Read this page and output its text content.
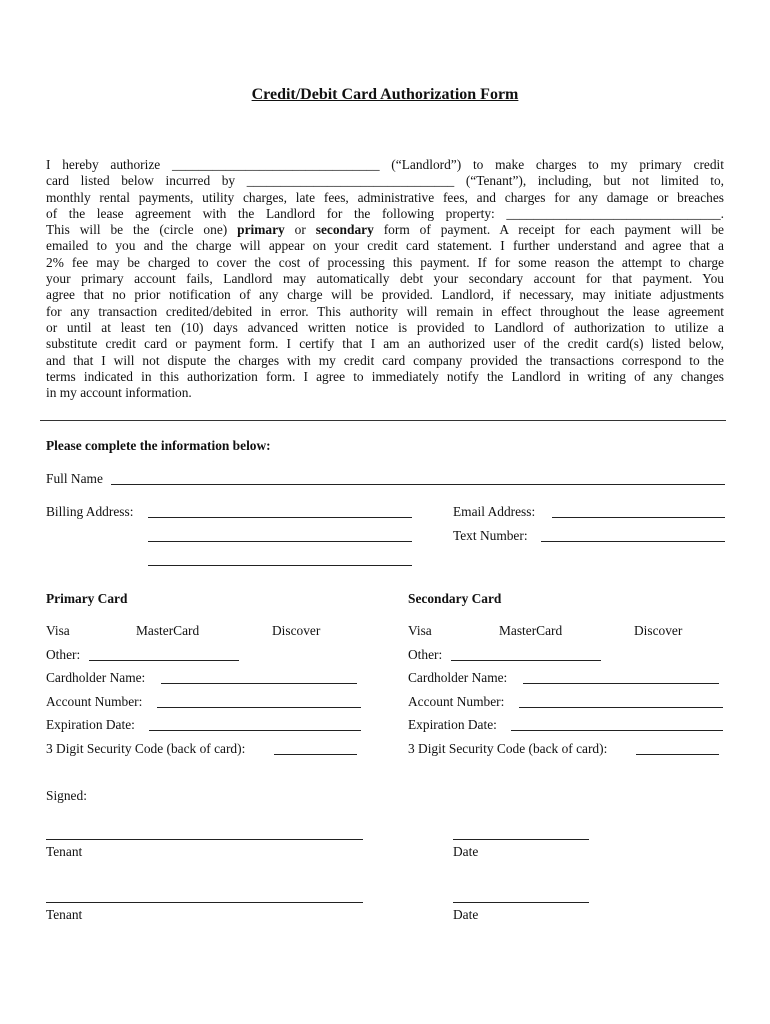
Credit/Debit Card Authorization Form

I hereby authorize _______________________________ (“Landlord”) to make charges to my primary credit

card listed below incurred by _______________________________ (“Tenant”), including, but not limited to,

monthly rental payments, utility charges, late fees, administrative fees, and charges for any damage or breaches

of the lease agreement with the Landlord for the following property: ________________________________.

This will be the (circle one) primary or secondary form of payment. A receipt for each payment will be

emailed to you and the charge will appear on your credit card statement. I further understand and agree that a

2% fee may be charged to cover the cost of processing this payment. If for some reason the attempt to charge

your primary account fails, Landlord may automatically debt your secondary account for that payment. You

agree that no prior notification of any charge will be provided. Landlord, if necessary, may initiate adjustments

for any transaction credited/debited in error. This authority will remain in effect throughout the lease agreement

or until at least ten (10) days advanced written notice is provided to Landlord of authorization to utilize a

substitute credit card or payment form. I certify that I am an authorized user of the credit card(s) listed below,

and that I will not dispute the charges with my credit card company provided the transactions correspond to the

terms indicated in this authorization form. I agree to immediately notify the Landlord in writing of any changes

in my account information.

Please complete the information below:
Full Name
Billing Address:	Email Address:
Text Number:
Primary Card
Visa	MasterCard	Discover
Other:
Cardholder Name:
Account Number:
Expiration Date:
3 Digit Security Code (back of card):
Secondary Card
Visa	MasterCard	Discover
Other:
Cardholder Name:
Account Number:
Expiration Date:
3 Digit Security Code (back of card):
Signed:
Tenant	Date
Tenant	Date
